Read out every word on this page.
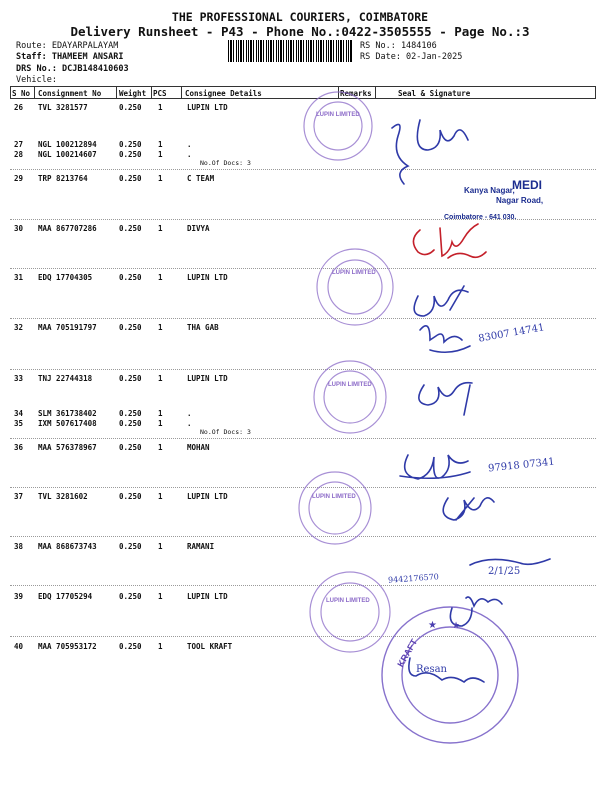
THE PROFESSIONAL COURIERS, COIMBATORE
Delivery Runsheet - P43 - Phone No.:0422-3505555 - Page No.:3
Route: EDAYARPALAYAM
Staff: THAMEEM ANSARI
DRS No.: DCJB148410603
Vehicle:
RS No.: 1484106
RS Date: 02-Jan-2025
S No Consignment No Weight PCS Consignee Details	Remarks	Seal & Signature
26 TVL 3281577	0.250 1	LUPIN LTD
27 NGL 100212894	0.250 1	.
28 NGL 100214607	0.250 1	.
No.Of Docs: 3
29 TRP 8213764	0.250 1	C TEAM
30 MAA 867707286	0.250 1	DIVYA
31 EDQ 17704305	0.250 1	LUPIN LTD
32 MAA 705191797	0.250 1	THA GAB
33 TNJ 22744318	0.250 1	LUPIN LTD
34 SLM 361738402	0.250 1	.
35 IXM 507617408	0.250 1	.
No.Of Docs: 3
36 MAA 576378967	0.250 1	MOHAN
37 TVL 3281602	0.250 1	LUPIN LTD
38 MAA 868673743	0.250 1	RAMANI
39 EDQ 17705294	0.250 1	LUPIN LTD
40 MAA 705953172	0.250 1	TOOL KRAFT
★ ★
LUPIN LIMITED
LUPIN LIMITED
LUPIN LIMITED
LUPIN LIMITED
LUPIN LIMITED
MEDI
Kanya Nagar,
Nagar Road,
Coimbatore - 641 030.
KRAFT
83007 14741
97918 07341
2/1/25
9442176570
Resan
